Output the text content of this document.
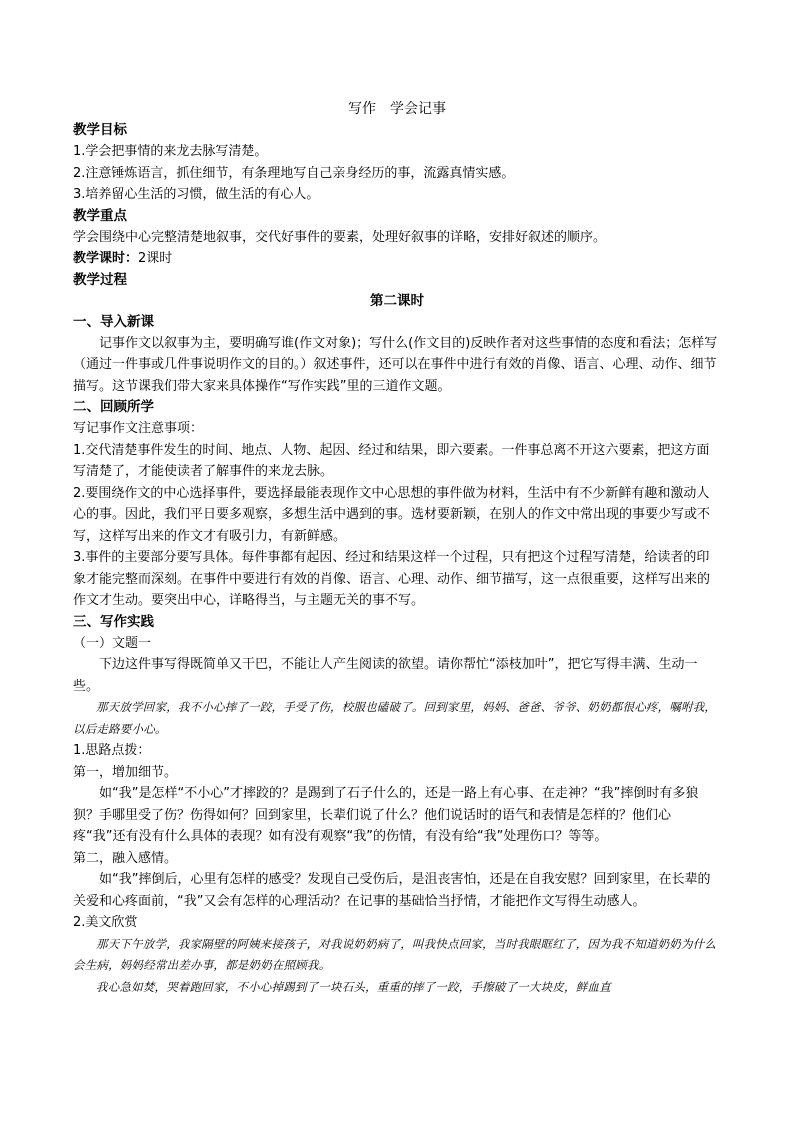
写作　学会记事
教学目标
1.学会把事情的来龙去脉写清楚。
2.注意锤炼语言，抓住细节，有条理地写自己亲身经历的事，流露真情实感。
3.培养留心生活的习惯，做生活的有心人。
教学重点
学会围绕中心完整清楚地叙事，交代好事件的要素，处理好叙事的详略，安排好叙述的顺序。
教学课时：2课时
教学过程
第二课时
一、导入新课
记事作文以叙事为主，要明确写谁(作文对象)；写什么(作文目的)反映作者对这些事情的态度和看法；怎样写（通过一件事或几件事说明作文的目的。）叙述事件，还可以在事件中进行有效的肖像、语言、心理、动作、细节描写。这节课我们带大家来具体操作“写作实践”里的三道作文题。
二、回顾所学
写记事作文注意事项：
1.交代清楚事件发生的时间、地点、人物、起因、经过和结果，即六要素。一件事总离不开这六要素，把这方面写清楚了，才能使读者了解事件的来龙去脉。
2.要围绕作文的中心选择事件，要选择最能表现作文中心思想的事件做为材料，生活中有不少新鲜有趣和激动人心的事。因此，我们平日要多观察，多想生活中遇到的事。选材要新颖，在别人的作文中常出现的事要少写或不写，这样写出来的作文才有吸引力，有新鲜感。
3.事件的主要部分要写具体。每件事都有起因、经过和结果这样一个过程，只有把这个过程写清楚，给读者的印象才能完整而深刻。在事件中要进行有效的肖像、语言、心理、动作、细节描写，这一点很重要，这样写出来的作文才生动。要突出中心，详略得当，与主题无关的事不写。
三、写作实践
（一）文题一
下边这件事写得既简单又干巴，不能让人产生阅读的欲望。请你帮忙“添枝加叶”，把它写得丰满、生动一些。
那天放学回家，我不小心摔了一跤，手受了伤，校服也磕破了。回到家里，妈妈、爸爸、爷爷、奶奶都很心疼，嘱咐我，以后走路要小心。
1.思路点拨：
第一，增加细节。
如“我”是怎样“不小心”才摔跤的？是踢到了石子什么的，还是一路上有心事、在走神？“我”摔倒时有多狼狈？手哪里受了伤？伤得如何？回到家里，长辈们说了什么？他们说话时的语气和表情是怎样的？他们心疼“我”还有没有什么具体的表现？如有没有观察“我”的伤情，有没有给“我”处理伤口？等等。
第二，融入感情。
如“我”摔倒后，心里有怎样的感受？发现自己受伤后，是沮丧害怕，还是在自我安慰？回到家里，在长辈的关爱和心疼面前，“我”又会有怎样的心理活动？在记事的基础恰当抒情，才能把作文写得生动感人。
2.美文欣赏
那天下午放学，我家隔壁的阿姨来接孩子，对我说奶奶病了，叫我快点回家，当时我眼眶红了，因为我不知道奶奶为什么会生病，妈妈经常出差办事，都是奶奶在照顾我。
我心急如焚，哭着跑回家，不小心掉踢到了一块石头，重重的摔了一跤，手擦破了一大块皮，鲜血直
